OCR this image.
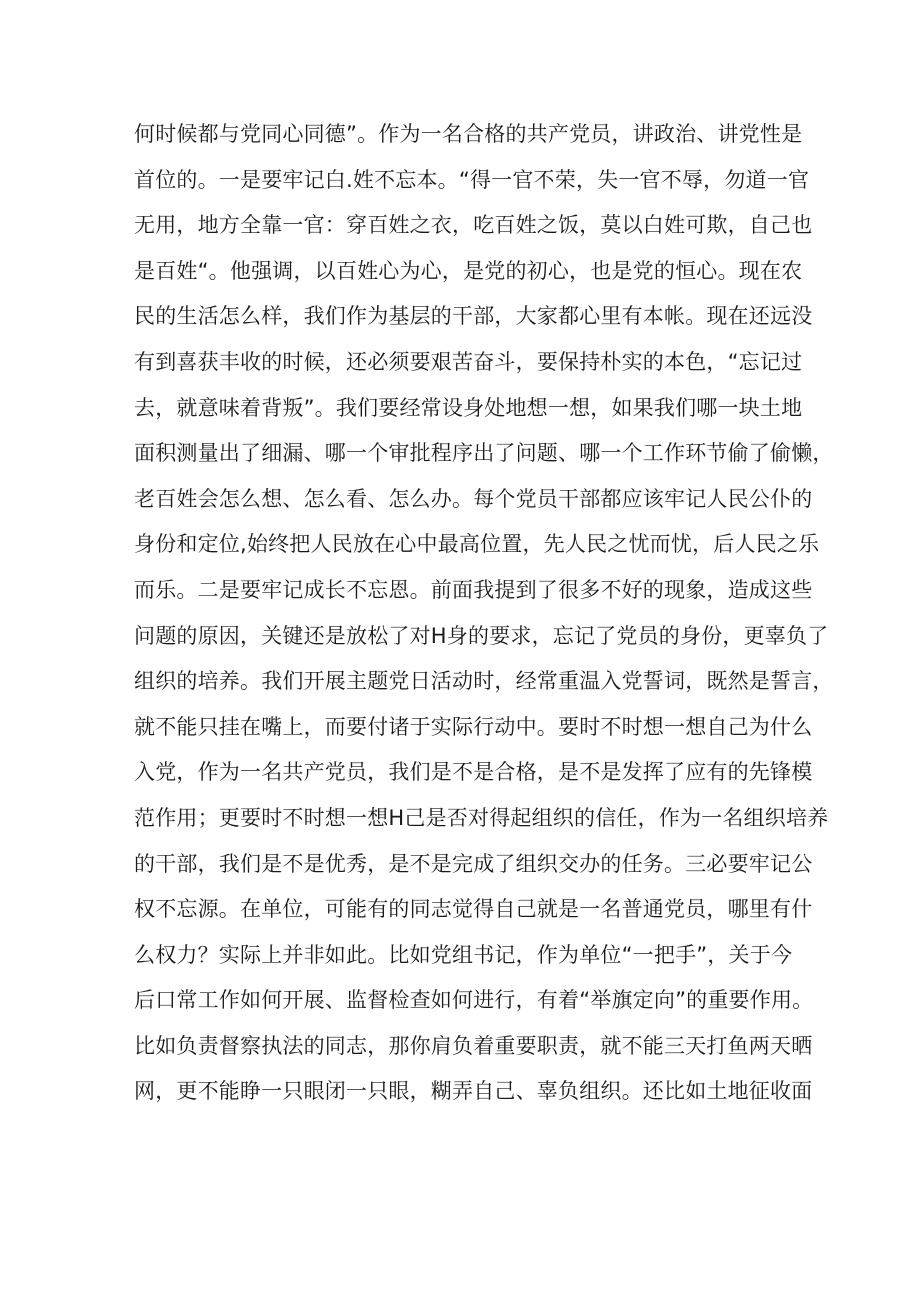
何时候都与党同心同德”。作为一名合格的共产党员，讲政治、讲党性是
首位的。一是要牢记白.姓不忘本。“得一官不荣，失一官不辱，勿道一官
无用，地方全靠一官：穿百姓之衣，吃百姓之饭，莫以白姓可欺，自己也
是百姓“。他强调，以百姓心为心，是党的初心，也是党的恒心。现在农
民的生活怎么样，我们作为基层的干部，大家都心里有本帐。现在还远没
有到喜获丰收的时候，还必须要艰苦奋斗，要保持朴实的本色，“忘记过
去，就意味着背叛”。我们要经常设身处地想一想，如果我们哪一块土地
面积测量出了细漏、哪一个审批程序出了问题、哪一个工作环节偷了偷懒，
老百姓会怎么想、怎么看、怎么办。每个党员干部都应该牢记人民公仆的
身份和定位,始终把人民放在心中最高位置，先人民之忧而忧，后人民之乐
而乐。二是要牢记成长不忘恩。前面我提到了很多不好的现象，造成这些
问题的原因，关键还是放松了对H身的要求，忘记了党员的身份，更辜负了
组织的培养。我们开展主题党日活动时，经常重温入党誓词，既然是誓言，
就不能只挂在嘴上，而要付诸于实际行动中。要时不时想一想自己为什么
入党，作为一名共产党员，我们是不是合格，是不是发挥了应有的先锋模
范作用；更要时不时想一想H己是否对得起组织的信任，作为一名组织培养
的干部，我们是不是优秀，是不是完成了组织交办的任务。三必要牢记公
权不忘源。在单位，可能有的同志觉得自己就是一名普通党员，哪里有什
么权力？实际上并非如此。比如党组书记，作为单位“一把手”，关于今
后口常工作如何开展、监督检查如何进行，有着“举旗定向”的重要作用。
比如负责督察执法的同志，那你肩负着重要职责，就不能三天打鱼两天晒
网，更不能睁一只眼闭一只眼，糊弄自己、辜负组织。还比如土地征收面
